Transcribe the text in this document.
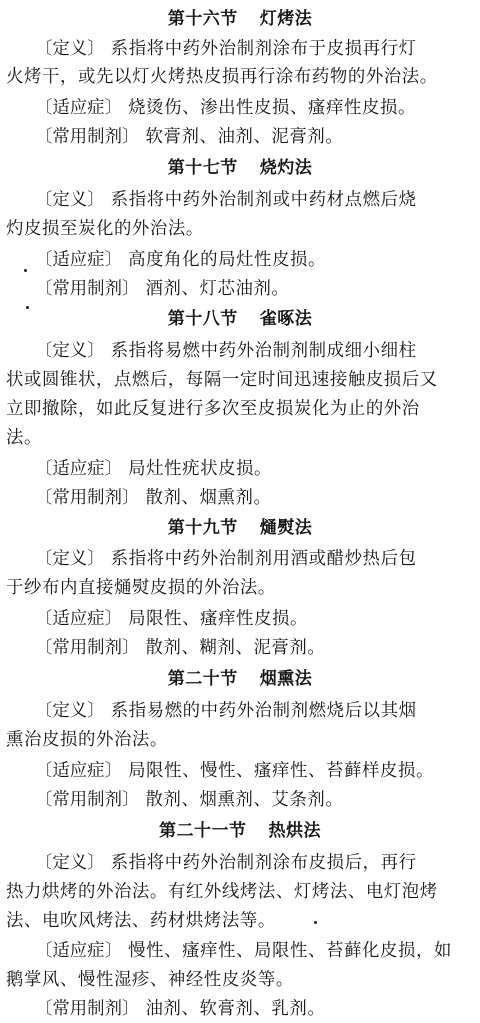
第十六节 灯烤法
〔定义〕 系指将中药外治制剂涂布于皮损再行灯
火烤干，或先以灯火烤热皮损再行涂布药物的外治法。
〔适应症〕 烧烫伤、渗出性皮损、瘙痒性皮损。
〔常用制剂〕 软膏剂、油剂、泥膏剂。
第十七节 烧灼法
〔定义〕 系指将中药外治制剂或中药材点燃后烧
灼皮损至炭化的外治法。
〔适应症〕 高度角化的局灶性皮损。
〔常用制剂〕 酒剂、灯芯油剂。
第十八节 雀啄法
〔定义〕 系指将易燃中药外治制剂制成细小细柱
状或圆锥状，点燃后，每隔一定时间迅速接触皮损后又
立即撤除，如此反复进行多次至皮损炭化为止的外治
法。
〔适应症〕 局灶性疣状皮损。
〔常用制剂〕 散剂、烟熏剂。
第十九节 熥熨法
〔定义〕 系指将中药外治制剂用酒或醋炒热后包
于纱布内直接熥熨皮损的外治法。
〔适应症〕 局限性、瘙痒性皮损。
〔常用制剂〕 散剂、糊剂、泥膏剂。
第二十节 烟熏法
〔定义〕 系指易燃的中药外治制剂燃烧后以其烟
熏治皮损的外治法。
〔适应症〕 局限性、慢性、瘙痒性、苔藓样皮损。
〔常用制剂〕 散剂、烟熏剂、艾条剂。
第二十一节 热烘法
〔定义〕 系指将中药外治制剂涂布皮损后，再行
热力烘烤的外治法。有红外线烤法、灯烤法、电灯泡烤
法、电吹风烤法、药材烘烤法等。
〔适应症〕 慢性、瘙痒性、局限性、苔藓化皮损，如
鹅掌风、慢性湿疹、神经性皮炎等。
〔常用制剂〕 油剂、软膏剂、乳剂。
